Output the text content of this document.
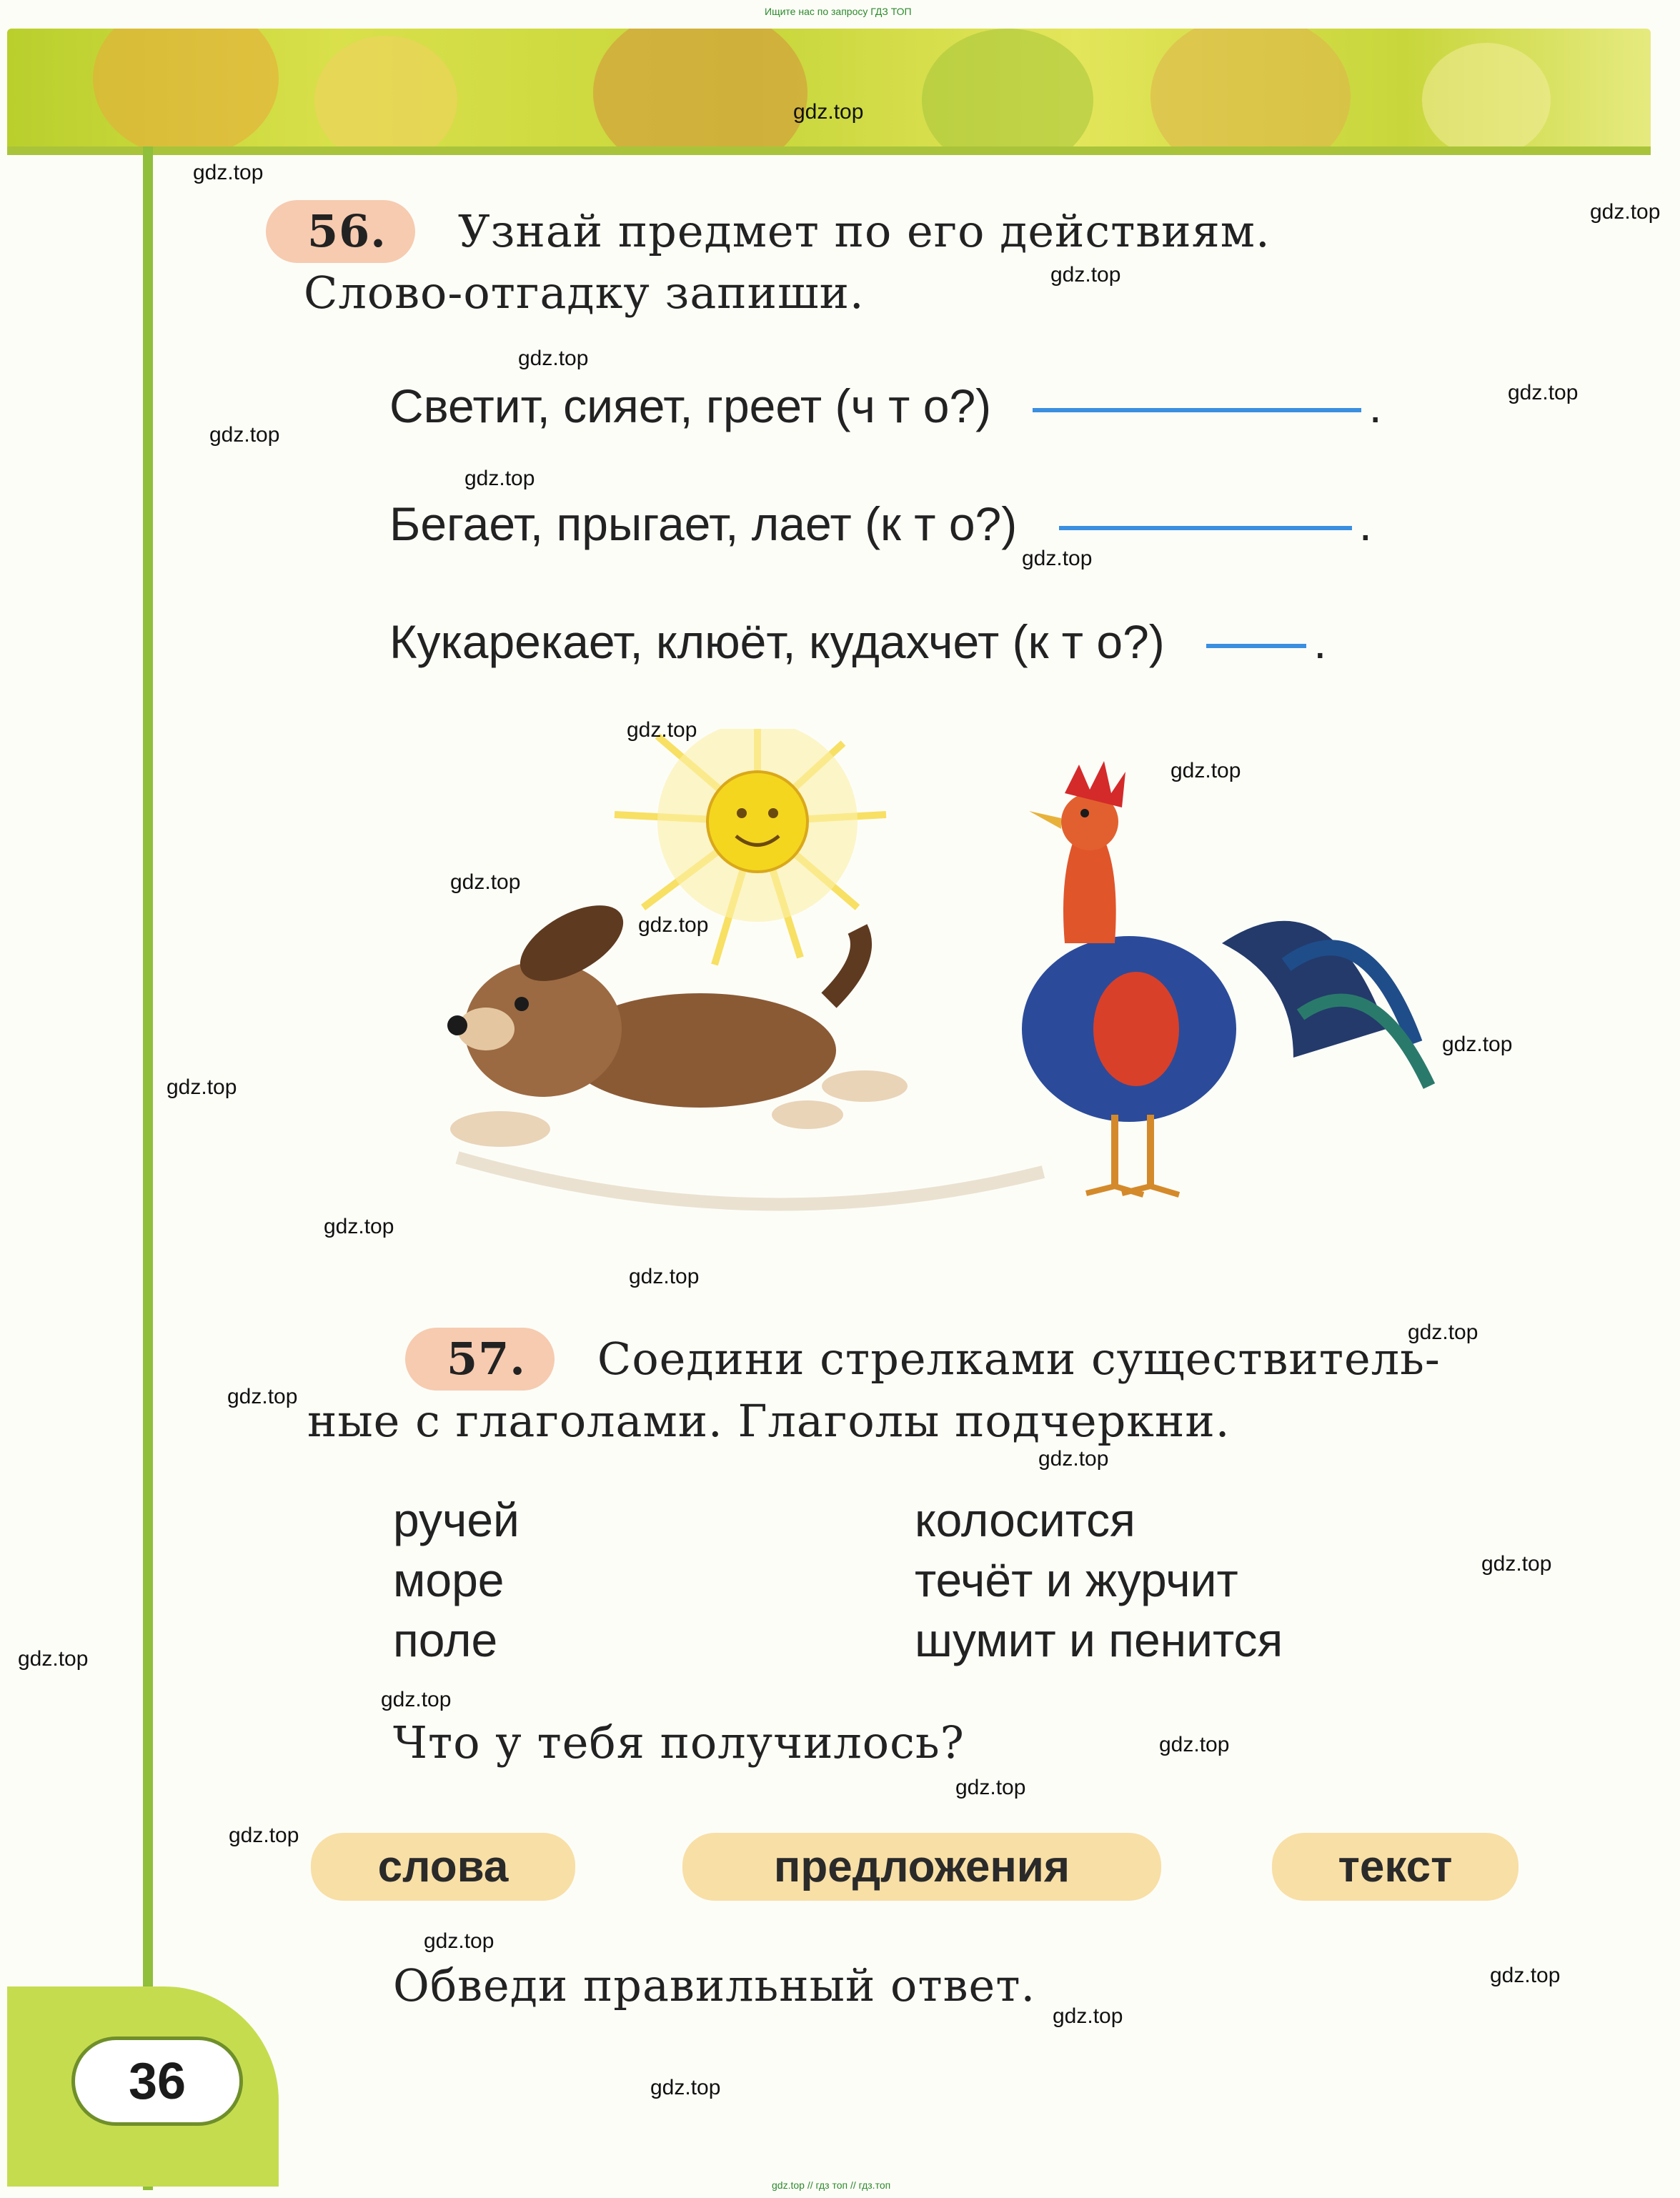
Ищите нас по запросу ГДЗ ТОП
gdz.top // гдз топ // гдз.топ
56. Узнай предмет по его действиям.
Слово-отгадку запиши.
Светит, сияет, греет (ч т о?)	.
Бегает, прыгает, лает (к т о?)	.
Кукарекает, клюёт, кудахчет (к т о?)	.
57. Соедини стрелками существитель-
ные с глаголами. Глаголы подчеркни.
ручей
море
поле
колосится
течёт и журчит
шумит и пенится
Что у тебя получилось?
слова	предложения	текст
Обведи правильный ответ.
36
gdz.top
gdz.top
gdz.top
gdz.top
gdz.top
gdz.top
gdz.top
gdz.top
gdz.top
gdz.top
gdz.top
gdz.top
gdz.top
gdz.top
gdz.top
gdz.top
gdz.top
gdz.top
gdz.top
gdz.top
gdz.top
gdz.top
gdz.top
gdz.top
gdz.top
gdz.top
gdz.top
gdz.top
gdz.top
gdz.top
